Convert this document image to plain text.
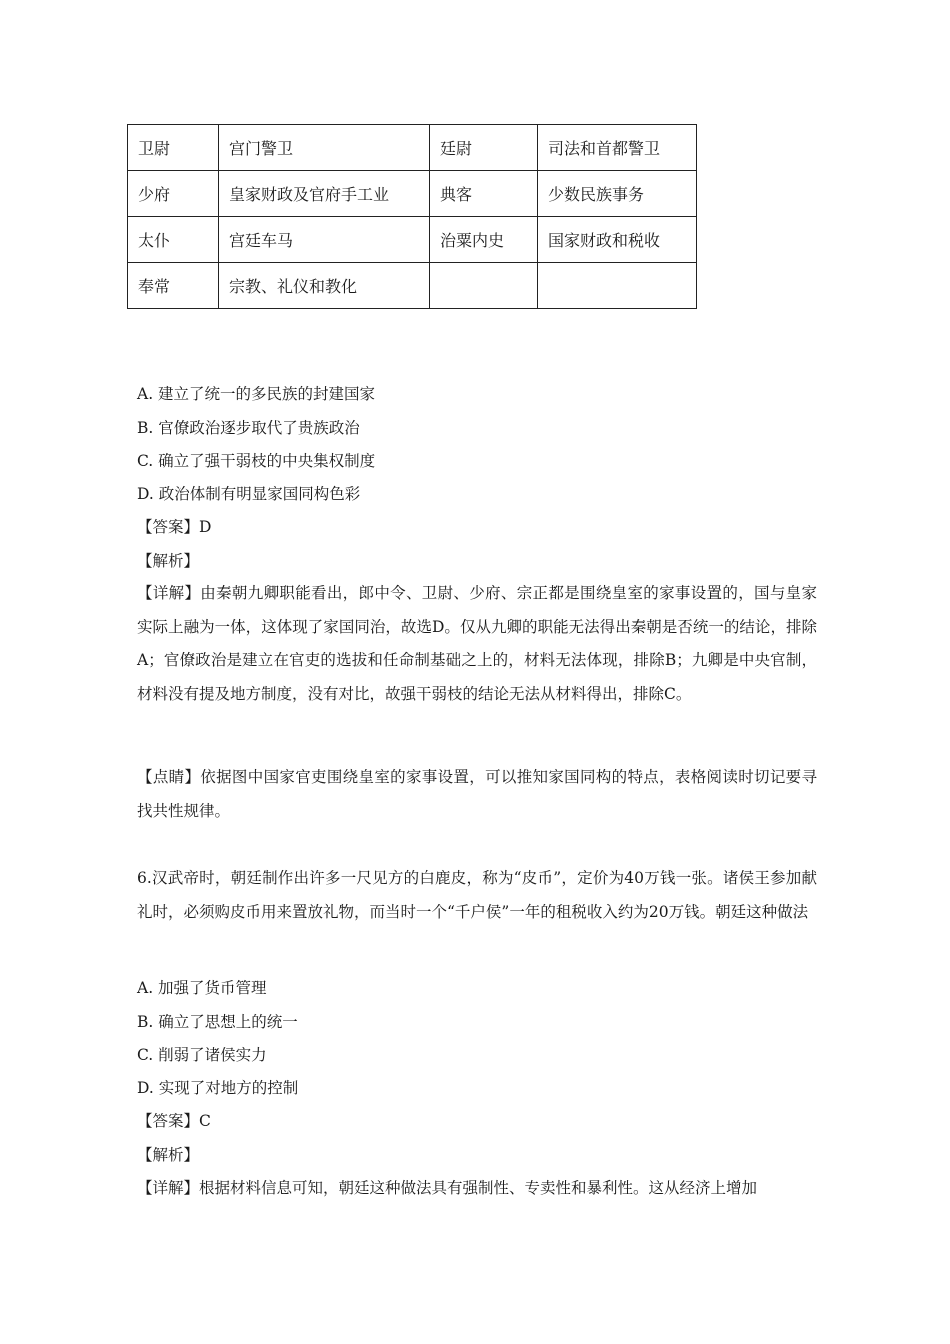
卫尉	宫门警卫	廷尉	司法和首都警卫
少府	皇家财政及官府手工业	典客	少数民族事务
太仆	宫廷车马	治粟内史	国家财政和税收
奉常	宗教、礼仪和教化		
A. 建立了统一的多民族的封建国家
B. 官僚政治逐步取代了贵族政治
C. 确立了强干弱枝的中央集权制度
D. 政治体制有明显家国同构色彩
【答案】D
【解析】
【详解】由秦朝九卿职能看出，郎中令、卫尉、少府、宗正都是围绕皇室的家事设置的，国与皇家实际上融为一体，这体现了家国同治，故选D。仅从九卿的职能无法得出秦朝是否统一的结论，排除A；官僚政治是建立在官吏的选拔和任命制基础之上的，材料无法体现，排除B；九卿是中央官制，材料没有提及地方制度，没有对比，故强干弱枝的结论无法从材料得出，排除C。
【点睛】依据图中国家官吏围绕皇室的家事设置，可以推知家国同构的特点，表格阅读时切记要寻找共性规律。
6.汉武帝时，朝廷制作出许多一尺见方的白鹿皮，称为“皮币”，定价为40万钱一张。诸侯王参加献礼时，必须购皮币用来置放礼物，而当时一个“千户侯”一年的租税收入约为20万钱。朝廷这种做法
A. 加强了货币管理
B. 确立了思想上的统一
C. 削弱了诸侯实力
D. 实现了对地方的控制
【答案】C
【解析】
【详解】根据材料信息可知，朝廷这种做法具有强制性、专卖性和暴利性。这从经济上增加
